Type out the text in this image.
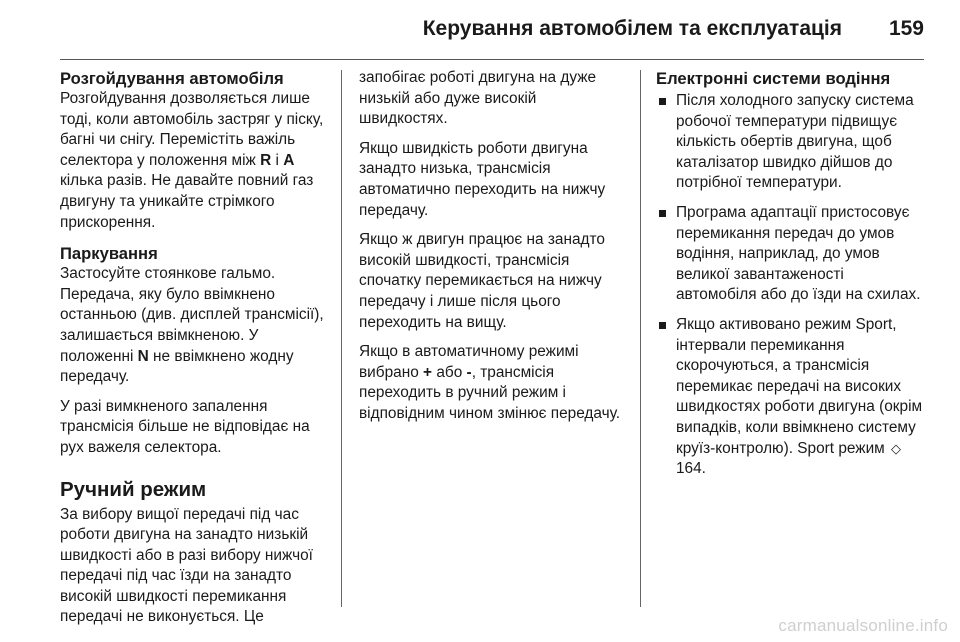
Керування автомобілем та експлуатація 159
Розгойдування автомобіля

Розгойдування дозволяється лише тоді, коли автомобіль застряг у піску, багні чи снігу. Перемістіть важіль селектора у положення між R і A кілька разів. Не давайте повний газ двигуну та уникайте стрімкого прискорення.

Паркування

Застосуйте стоянкове гальмо. Передача, яку було ввімкнено останньою (див. дисплей трансмісії), залишається ввімкненою. У положенні N не ввімкнено жодну передачу.

У разі вимкненого запалення трансмісія більше не відповідає на рух важеля селектора.

Ручний режим

За вибору вищої передачі під час роботи двигуна на занадто низькій швидкості або в разі вибору нижчої передачі під час їзди на занадто високій швидкості перемикання передачі не виконується. Це

запобігає роботі двигуна на дуже низькій або дуже високій швидкостях.

Якщо швидкість роботи двигуна занадто низька, трансмісія автоматично переходить на нижчу передачу.

Якщо ж двигун працює на занадто високій швидкості, трансмісія спочатку перемикається на нижчу передачу і лише після цього переходить на вищу.

Якщо в автоматичному режимі вибрано + або -, трансмісія переходить в ручний режим і відповідним чином змінює передачу.

Електронні системи водіння
Після холодного запуску система робочої температури підвищує кількість обертів двигуна, щоб каталізатор швидко дійшов до потрібної температури.
Програма адаптації пристосовує перемикання передач до умов водіння, наприклад, до умов великої завантаженості автомобіля або до їзди на схилах.
Якщо активовано режим Sport, інтервали перемикання скорочуються, а трансмісія перемикає передачі на високих швидкостях роботи двигуна (окрім випадків, коли ввімкнено систему круїз-контролю). Sport режим ◇ 164.
carmanualsonline.info
